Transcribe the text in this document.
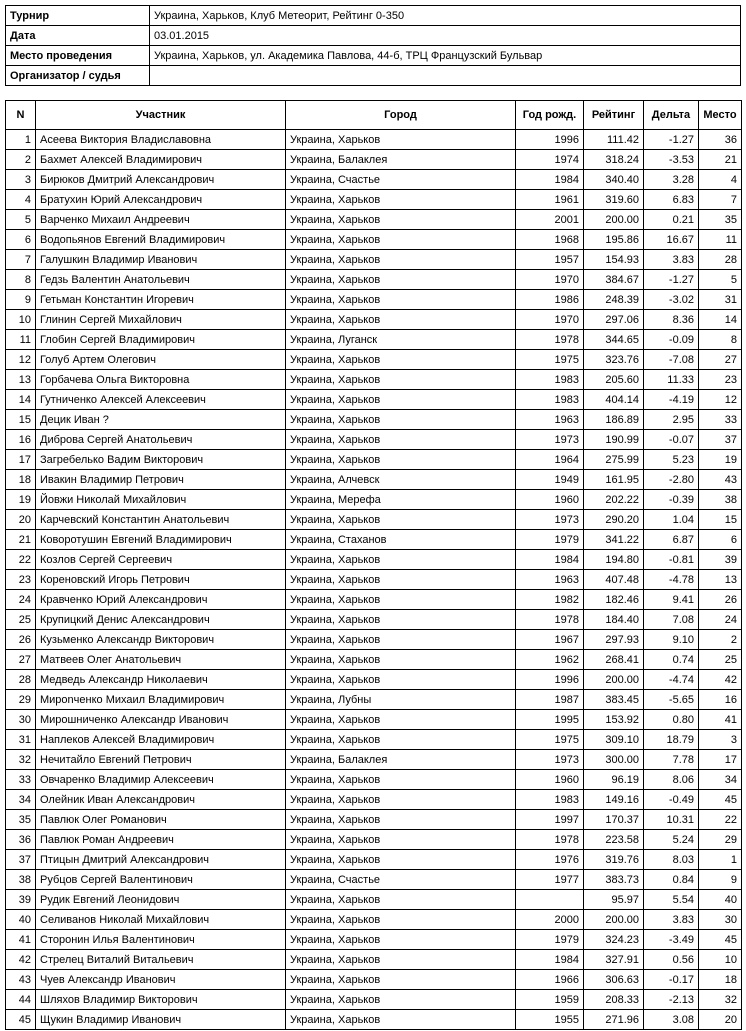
Турнир	Украина, Харьков, Клуб Метеорит, Рейтинг 0-350
Дата	03.01.2015
Место проведения	Украина, Харьков, ул. Академика Павлова, 44-б, ТРЦ Французский Бульвар
Организатор / судья	
N	Участник	Город	Год рожд.	Рейтинг	Дельта	Место
1	Асеева Виктория Владиславовна	Украина, Харьков	1996	111.42	-1.27	36
2	Бахмет Алексей Владимирович	Украина, Балаклея	1974	318.24	-3.53	21
3	Бирюков Дмитрий Александрович	Украина, Счастье	1984	340.40	3.28	4
4	Братухин Юрий Александрович	Украина, Харьков	1961	319.60	6.83	7
5	Варченко Михаил Андреевич	Украина, Харьков	2001	200.00	0.21	35
6	Водопьянов Евгений Владимирович	Украина, Харьков	1968	195.86	16.67	11
7	Галушкин Владимир Иванович	Украина, Харьков	1957	154.93	3.83	28
8	Гедзь Валентин Анатольевич	Украина, Харьков	1970	384.67	-1.27	5
9	Гетьман Константин Игоревич	Украина, Харьков	1986	248.39	-3.02	31
10	Глинин Сергей Михайлович	Украина, Харьков	1970	297.06	8.36	14
11	Глобин Сергей Владимирович	Украина, Луганск	1978	344.65	-0.09	8
12	Голуб Артем Олегович	Украина, Харьков	1975	323.76	-7.08	27
13	Горбачева Ольга Викторовна	Украина, Харьков	1983	205.60	11.33	23
14	Гутниченко Алексей Алексеевич	Украина, Харьков	1983	404.14	-4.19	12
15	Децик Иван ?	Украина, Харьков	1963	186.89	2.95	33
16	Диброва Сергей Анатольевич	Украина, Харьков	1973	190.99	-0.07	37
17	Загребелько Вадим Викторович	Украина, Харьков	1964	275.99	5.23	19
18	Ивакин Владимир Петрович	Украина, Алчевск	1949	161.95	-2.80	43
19	Йовжи Николай Михайлович	Украина, Мерефа	1960	202.22	-0.39	38
20	Карчевский Константин Анатольевич	Украина, Харьков	1973	290.20	1.04	15
21	Коворотушин Евгений Владимирович	Украина, Стаханов	1979	341.22	6.87	6
22	Козлов Сергей Сергеевич	Украина, Харьков	1984	194.80	-0.81	39
23	Кореновский Игорь Петрович	Украина, Харьков	1963	407.48	-4.78	13
24	Кравченко Юрий Александрович	Украина, Харьков	1982	182.46	9.41	26
25	Крупицкий Денис Александрович	Украина, Харьков	1978	184.40	7.08	24
26	Кузьменко Александр Викторович	Украина, Харьков	1967	297.93	9.10	2
27	Матвеев Олег Анатольевич	Украина, Харьков	1962	268.41	0.74	25
28	Медведь Александр Николаевич	Украина, Харьков	1996	200.00	-4.74	42
29	Мирonченко Михаил Владимирович	Украина, Лубны	1987	383.45	-5.65	16
30	Мирошниченко Александр Иванович	Украина, Харьков	1995	153.92	0.80	41
31	Наплеков Алексей Владимирович	Украина, Харьков	1975	309.10	18.79	3
32	Нечитайло Евгений Петрович	Украина, Балаклея	1973	300.00	7.78	17
33	Овчаренко Владимир Алексеевич	Украина, Харьков	1960	96.19	8.06	34
34	Олейник Иван Александрович	Украина, Харьков	1983	149.16	-0.49	45
35	Павлюк Олег Романович	Украина, Харьков	1997	170.37	10.31	22
36	Павлюк Роман Андреевич	Украина, Харьков	1978	223.58	5.24	29
37	Птицын Дмитрий Александрович	Украина, Харьков	1976	319.76	8.03	1
38	Рубцов Сергей Валентинович	Украина, Счастье	1977	383.73	0.84	9
39	Рудик Евгений Леонидович	Украина, Харьков		95.97	5.54	40
40	Селиванов Николай Михайлович	Украина, Харьков	2000	200.00	3.83	30
41	Сторонин Илья Валентинович	Украина, Харьков	1979	324.23	-3.49	45
42	Стрелец Виталий Витальевич	Украина, Харьков	1984	327.91	0.56	10
43	Чуев Александр Иванович	Украина, Харьков	1966	306.63	-0.17	18
44	Шляхов Владимир Викторович	Украина, Харьков	1959	208.33	-2.13	32
45	Щукин Владимир Иванович	Украина, Харьков	1955	271.96	3.08	20
